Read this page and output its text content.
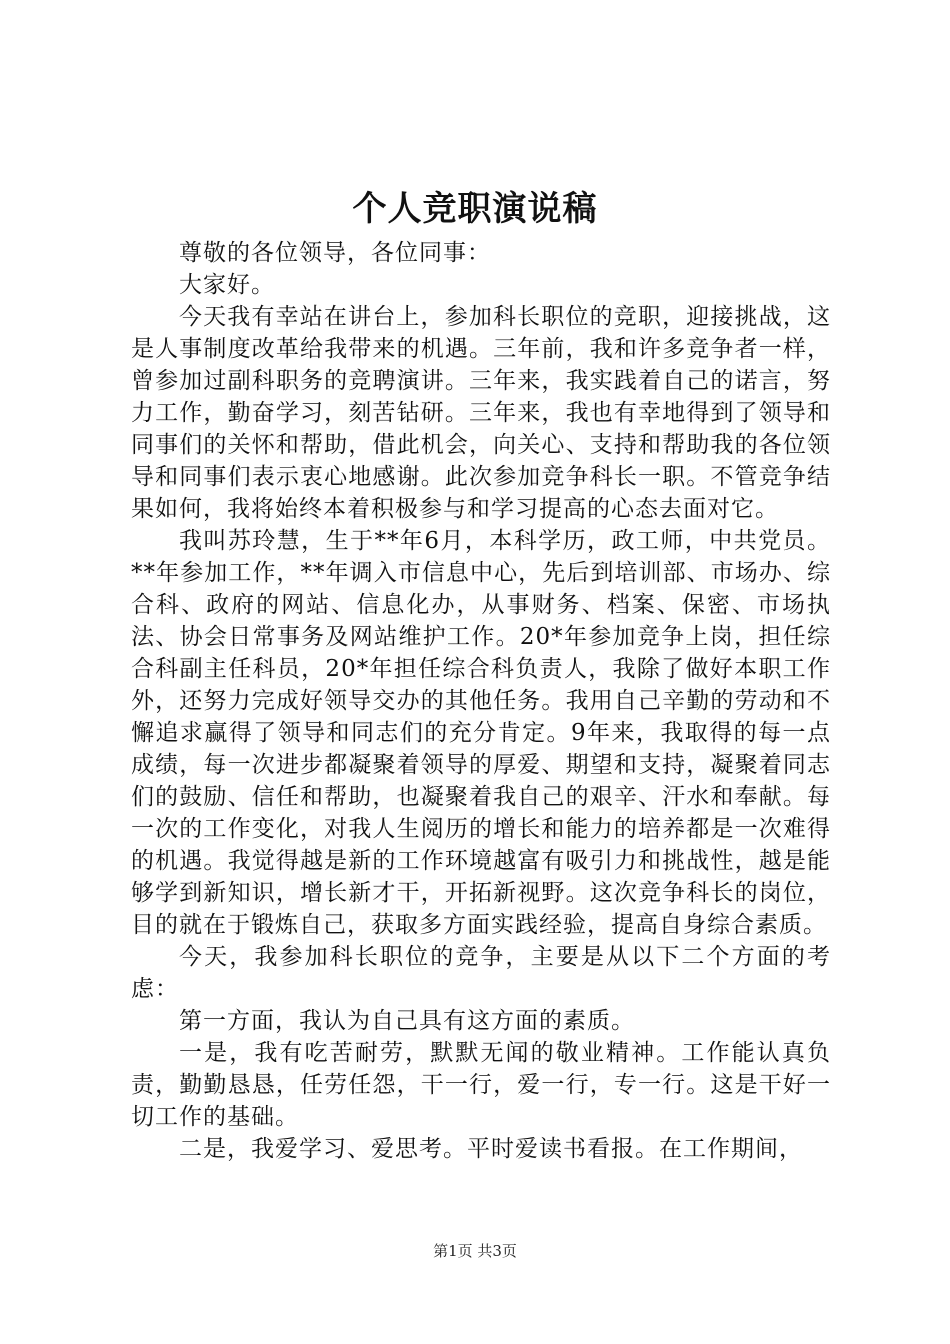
个人竞职演说稿

尊敬的各位领导，各位同事：

大家好。

今天我有幸站在讲台上，参加科长职位的竞职，迎接挑战，这是人事制度改革给我带来的机遇。三年前，我和许多竞争者一样，曾参加过副科职务的竞聘演讲。三年来，我实践着自己的诺言，努力工作，勤奋学习，刻苦钻研。三年来，我也有幸地得到了领导和同事们的关怀和帮助，借此机会，向关心、支持和帮助我的各位领导和同事们表示衷心地感谢。此次参加竞争科长一职。不管竞争结果如何，我将始终本着积极参与和学习提高的心态去面对它。

我叫苏玲慧，生于**年6月，本科学历，政工师，中共党员。**年参加工作，**年调入市信息中心，先后到培训部、市场办、综合科、政府的网站、信息化办，从事财务、档案、保密、市场执法、协会日常事务及网站维护工作。20*年参加竞争上岗，担任综合科副主任科员，20*年担任综合科负责人，我除了做好本职工作外，还努力完成好领导交办的其他任务。我用自己辛勤的劳动和不懈追求赢得了领导和同志们的充分肯定。9年来，我取得的每一点成绩，每一次进步都凝聚着领导的厚爱、期望和支持，凝聚着同志们的鼓励、信任和帮助，也凝聚着我自己的艰辛、汗水和奉献。每一次的工作变化，对我人生阅历的增长和能力的培养都是一次难得的机遇。我觉得越是新的工作环境越富有吸引力和挑战性，越是能够学到新知识，增长新才干，开拓新视野。这次竞争科长的岗位，目的就在于锻炼自己，获取多方面实践经验，提高自身综合素质。

今天，我参加科长职位的竞争，主要是从以下二个方面的考虑：

第一方面，我认为自己具有这方面的素质。

一是，我有吃苦耐劳，默默无闻的敬业精神。工作能认真负责，勤勤恳恳，任劳任怨，干一行，爱一行，专一行。这是干好一切工作的基础。

二是，我爱学习、爱思考。平时爱读书看报。在工作期间，

第1页 共3页
